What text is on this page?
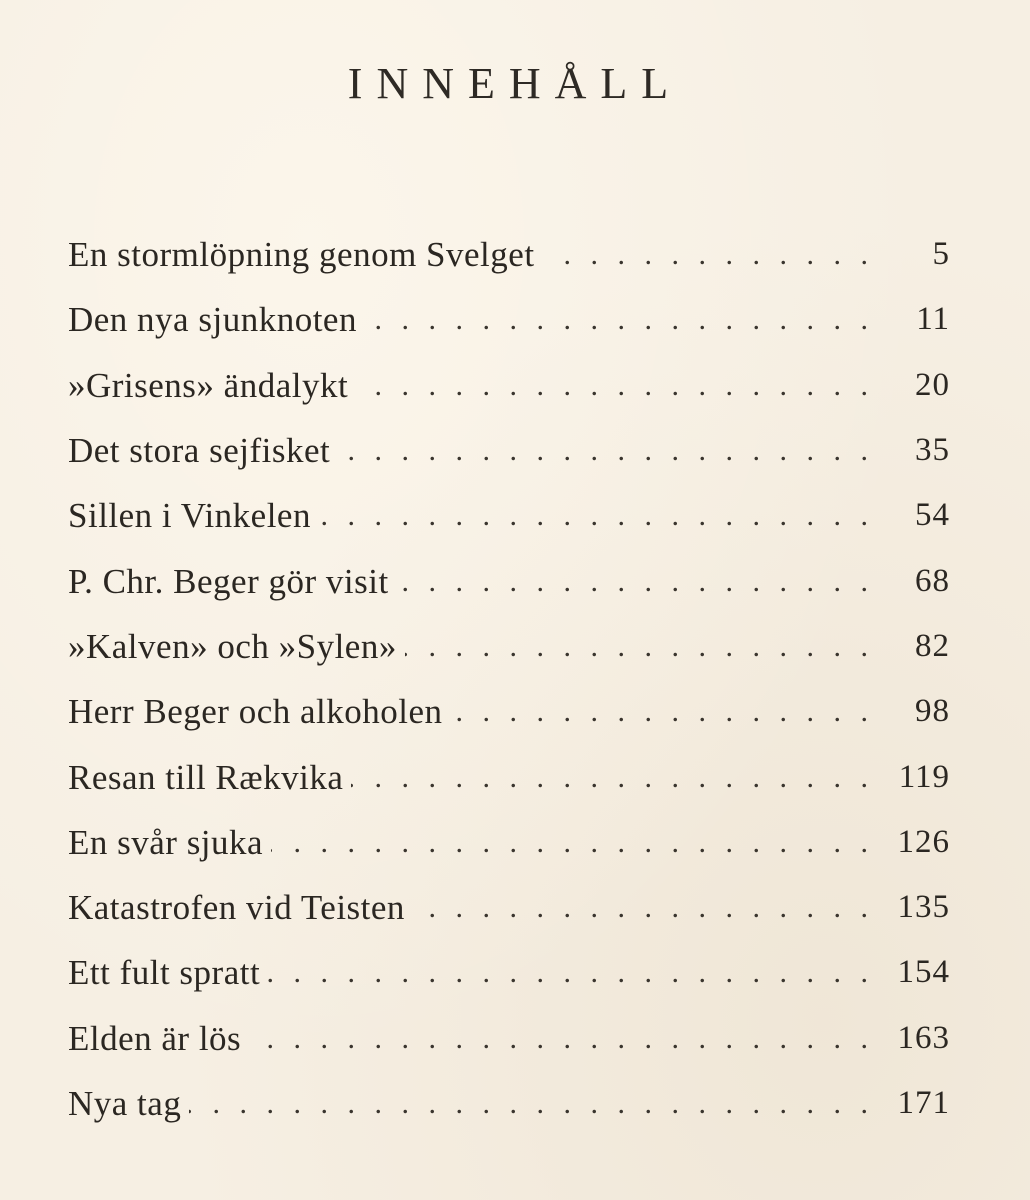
INNEHÅLL
En stormlöpning genom Svelget . . .	5
Den nya sjunknoten . . .	11
»Grisens» ändalykt . . .	20
Det stora sejfisket . . .	35
Sillen i Vinkelen . . .	54
P. Chr. Beger gör visit . . .	68
»Kalven» och »Sylen» . . .	82
Herr Beger och alkoholen . . .	98
Resan till Rækvika . . .	119
En svår sjuka . . .	126
Katastrofen vid Teisten . . .	135
Ett fult spratt . . .	154
Elden är lös . . .	163
Nya tag . . .	171
